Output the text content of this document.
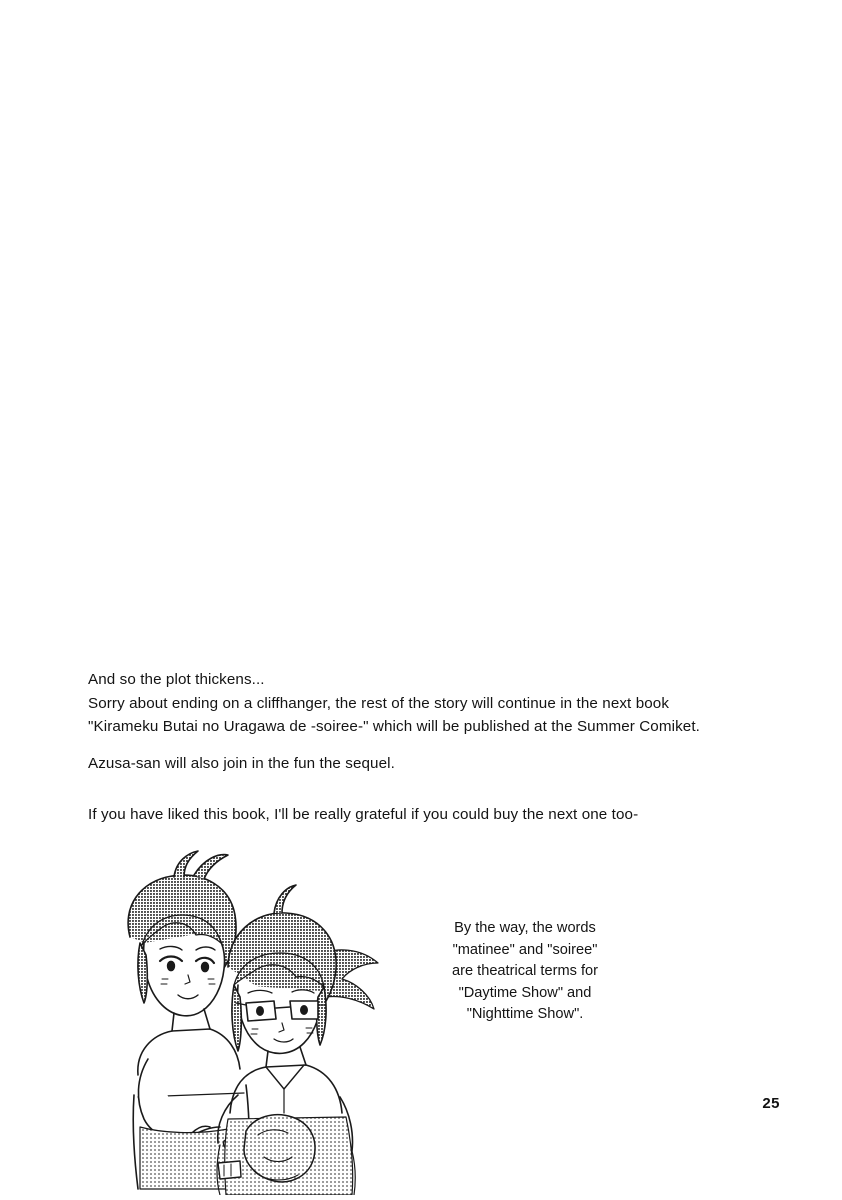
And so the plot thickens...

Sorry about ending on a cliffhanger, the rest of the story will continue in the next book

"Kirameku Butai no Uragawa de -soiree-" which will be published at the Summer Comiket.

Azusa-san will also join in the fun the sequel.

If you have liked this book, I'll be really grateful if you could buy the next one too-

By the way, the words

"matinee" and "soiree"

are theatrical terms for

"Daytime Show" and

"Nighttime Show".

25
